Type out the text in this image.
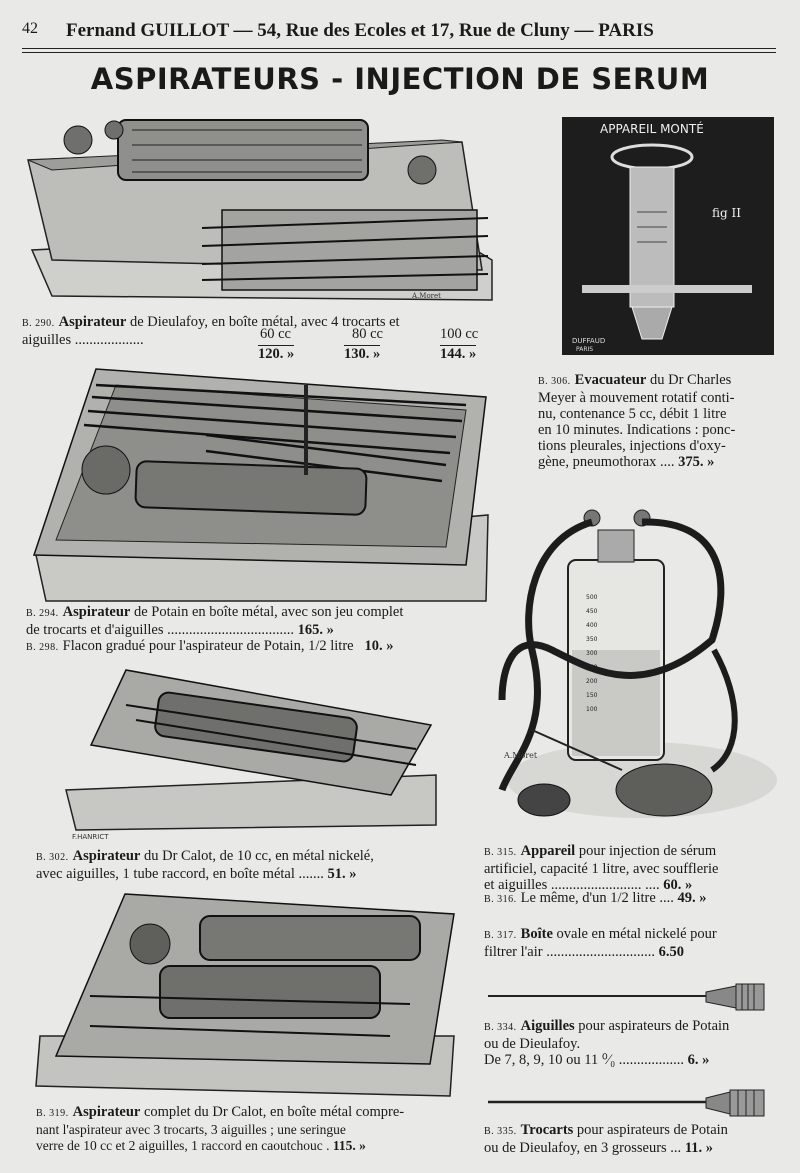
42 Fernand GUILLOT — 54, Rue des Ecoles et 17, Rue de Cluny — PARIS
ASPIRATEURS - INJECTION DE SERUM
A.Moret
B. 290. Aspirateur de Dieulafoy, en boîte métal, avec 4 trocarts et
aiguilles ...................	60 cc	80 cc	100 cc
120. »	130. »	144. »
APPAREIL MONTÉ
fig II
DUFFAUD
PARIS
B. 306. Evacuateur du Dr Charles
Meyer à mouvement rotatif conti-
nu, contenance 5 cc, débit 1 litre
en 10 minutes. Indications : ponc-
tions pleurales, injections d'oxy-
gène, pneumothorax .... 375. »
B. 294. Aspirateur de Potain en boîte métal, avec son jeu complet
de trocarts et d'aiguilles ................................... 165. »
B. 298. Flacon gradué pour l'aspirateur de Potain, 1/2 litre 10. »
500
450
400
350
300
250
200
150
100
A.Moret
F.HANRICT
B. 302. Aspirateur du Dr Calot, de 10 cc, en métal nickelé,
avec aiguilles, 1 tube raccord, en boîte métal ....... 51. »
B. 315. Appareil pour injection de sérum
artificiel, capacité 1 litre, avec soufflerie
et aiguilles ......................... .... 60. »
B. 316. Le même, d'un 1/2 litre .... 49. »
B. 317. Boîte ovale en métal nickelé pour
filtrer l'air .............................. 6.50
B. 334. Aiguilles pour aspirateurs de Potain
ou de Dieulafoy.
De 7, 8, 9, 10 ou 11 ⁰⁄₀ .................. 6. »
B. 319. Aspirateur complet du Dr Calot, en boîte métal compre-
nant l'aspirateur avec 3 trocarts, 3 aiguilles ; une seringue
verre de 10 cc et 2 aiguilles, 1 raccord en caoutchouc . 115. »
B. 335. Trocarts pour aspirateurs de Potain
ou de Dieulafoy, en 3 grosseurs ... 11. »
